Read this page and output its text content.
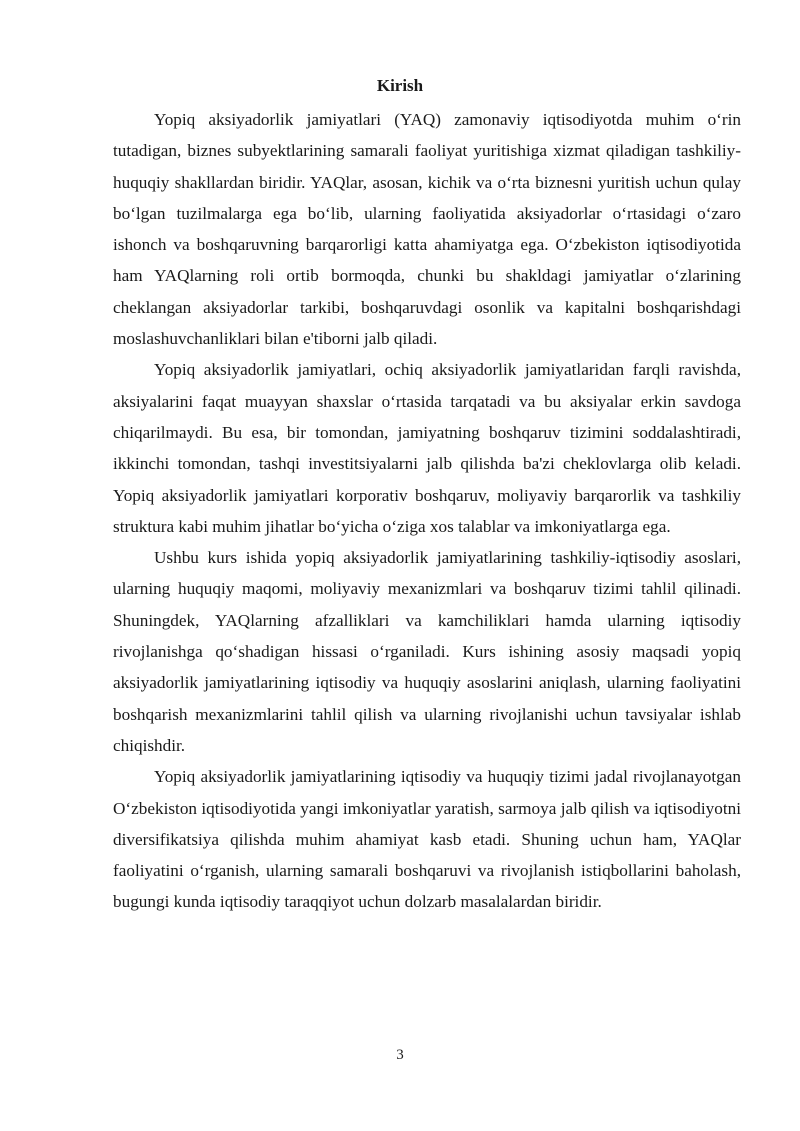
Kirish

Yopiq aksiyadorlik jamiyatlari (YAQ) zamonaviy iqtisodiyotda muhim o‘rin tutadigan, biznes subyektlarining samarali faoliyat yuritishiga xizmat qiladigan tashkiliy-huquqiy shakllardan biridir. YAQlar, asosan, kichik va o‘rta biznesni yuritish uchun qulay bo‘lgan tuzilmalarga ega bo‘lib, ularning faoliyatida aksiyadorlar o‘rtasidagi o‘zaro ishonch va boshqaruvning barqarorligi katta ahamiyatga ega. O‘zbekiston iqtisodiyotida ham YAQlarning roli ortib bormoqda, chunki bu shakldagi jamiyatlar o‘zlarining cheklangan aksiyadorlar tarkibi, boshqaruvdagi osonlik va kapitalni boshqarishdagi moslashuvchanliklari bilan e'tiborni jalb qiladi.

Yopiq aksiyadorlik jamiyatlari, ochiq aksiyadorlik jamiyatlaridan farqli ravishda, aksiyalarini faqat muayyan shaxslar o‘rtasida tarqatadi va bu aksiyalar erkin savdoga chiqarilmaydi. Bu esa, bir tomondan, jamiyatning boshqaruv tizimini soddalashtiradi, ikkinchi tomondan, tashqi investitsiyalarni jalb qilishda ba'zi cheklovlarga olib keladi. Yopiq aksiyadorlik jamiyatlari korporativ boshqaruv, moliyaviy barqarorlik va tashkiliy struktura kabi muhim jihatlar bo‘yicha o‘ziga xos talablar va imkoniyatlarga ega.

Ushbu kurs ishida yopiq aksiyadorlik jamiyatlarining tashkiliy-iqtisodiy asoslari, ularning huquqiy maqomi, moliyaviy mexanizmlari va boshqaruv tizimi tahlil qilinadi. Shuningdek, YAQlarning afzalliklari va kamchiliklari hamda ularning iqtisodiy rivojlanishga qo‘shadigan hissasi o‘rganiladi. Kurs ishining asosiy maqsadi yopiq aksiyadorlik jamiyatlarining iqtisodiy va huquqiy asoslarini aniqlash, ularning faoliyatini boshqarish mexanizmlarini tahlil qilish va ularning rivojlanishi uchun tavsiyalar ishlab chiqishdir.

Yopiq aksiyadorlik jamiyatlarining iqtisodiy va huquqiy tizimi jadal rivojlanayotgan O‘zbekiston iqtisodiyotida yangi imkoniyatlar yaratish, sarmoya jalb qilish va iqtisodiyotni diversifikatsiya qilishda muhim ahamiyat kasb etadi. Shuning uchun ham, YAQlar faoliyatini o‘rganish, ularning samarali boshqaruvi va rivojlanish istiqbollarini baholash, bugungi kunda iqtisodiy taraqqiyot uchun dolzarb masalalardan biridir.

3
